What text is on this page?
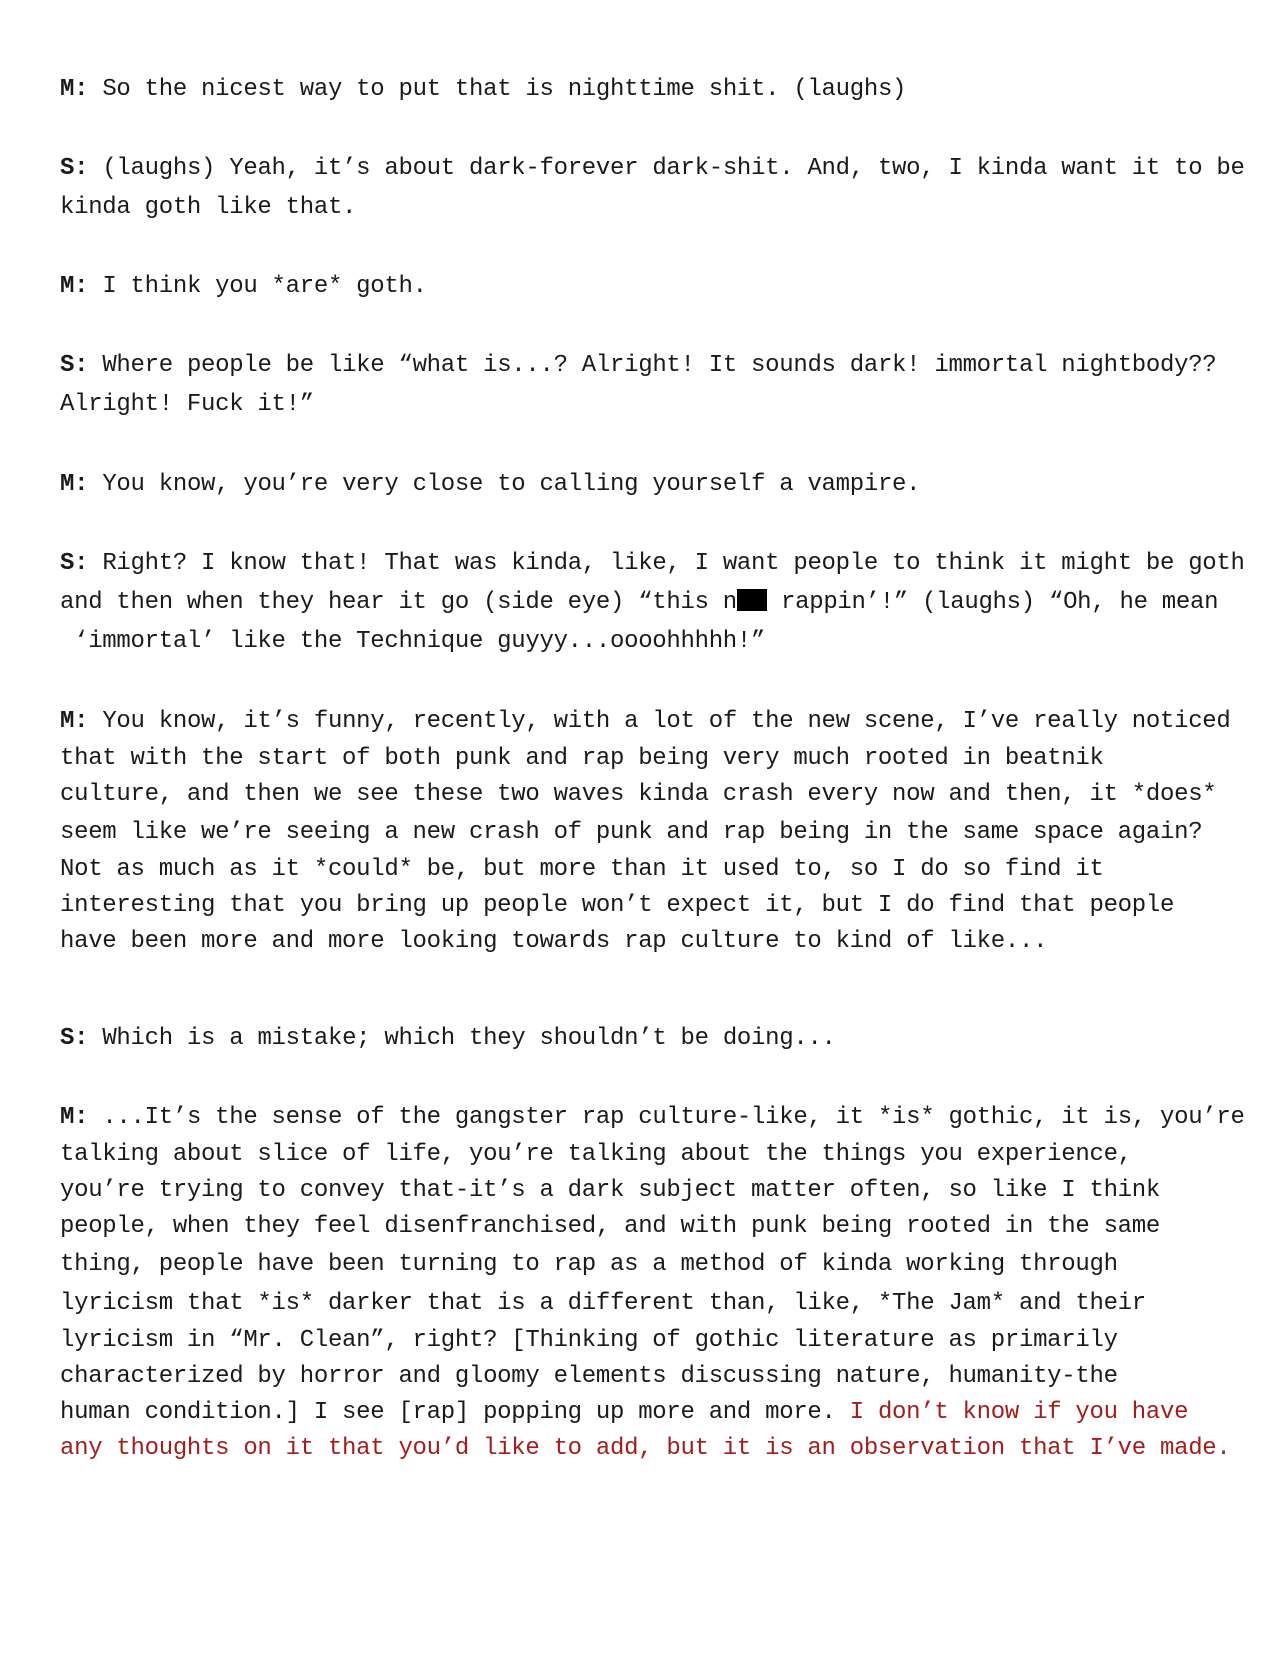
M: So the nicest way to put that is nighttime shit. (laughs)
S: (laughs) Yeah, it’s about dark-forever dark-shit. And, two, I kinda want it to be
kinda goth like that.
M: I think you *are* goth.
S: Where people be like “what is...? Alright! It sounds dark! immortal nightbody??
Alright! Fuck it!”
M: You know, you’re very close to calling yourself a vampire.
S: Right? I know that! That was kinda, like, I want people to think it might be goth
and then when they hear it go (side eye) “this n rappin’!” (laughs) “Oh, he mean
‘immortal’ like the Technique guyyy...oooohhhhh!”
M: You know, it’s funny, recently, with a lot of the new scene, I’ve really noticed
that with the start of both punk and rap being very much rooted in beatnik
culture, and then we see these two waves kinda crash every now and then, it *does*
seem like we’re seeing a new crash of punk and rap being in the same space again?
Not as much as it *could* be, but more than it used to, so I do so find it
interesting that you bring up people won’t expect it, but I do find that people
have been more and more looking towards rap culture to kind of like...
S: Which is a mistake; which they shouldn’t be doing...
M: ...It’s the sense of the gangster rap culture-like, it *is* gothic, it is, you’re
talking about slice of life, you’re talking about the things you experience,
you’re trying to convey that-it’s a dark subject matter often, so like I think
people, when they feel disenfranchised, and with punk being rooted in the same
thing, people have been turning to rap as a method of kinda working through
lyricism that *is* darker that is a different than, like, *The Jam* and their
lyricism in “Mr. Clean”, right? [Thinking of gothic literature as primarily
characterized by horror and gloomy elements discussing nature, humanity-the
human condition.] I see [rap] popping up more and more. I don’t know if you have
any thoughts on it that you’d like to add, but it is an observation that I’ve made.
